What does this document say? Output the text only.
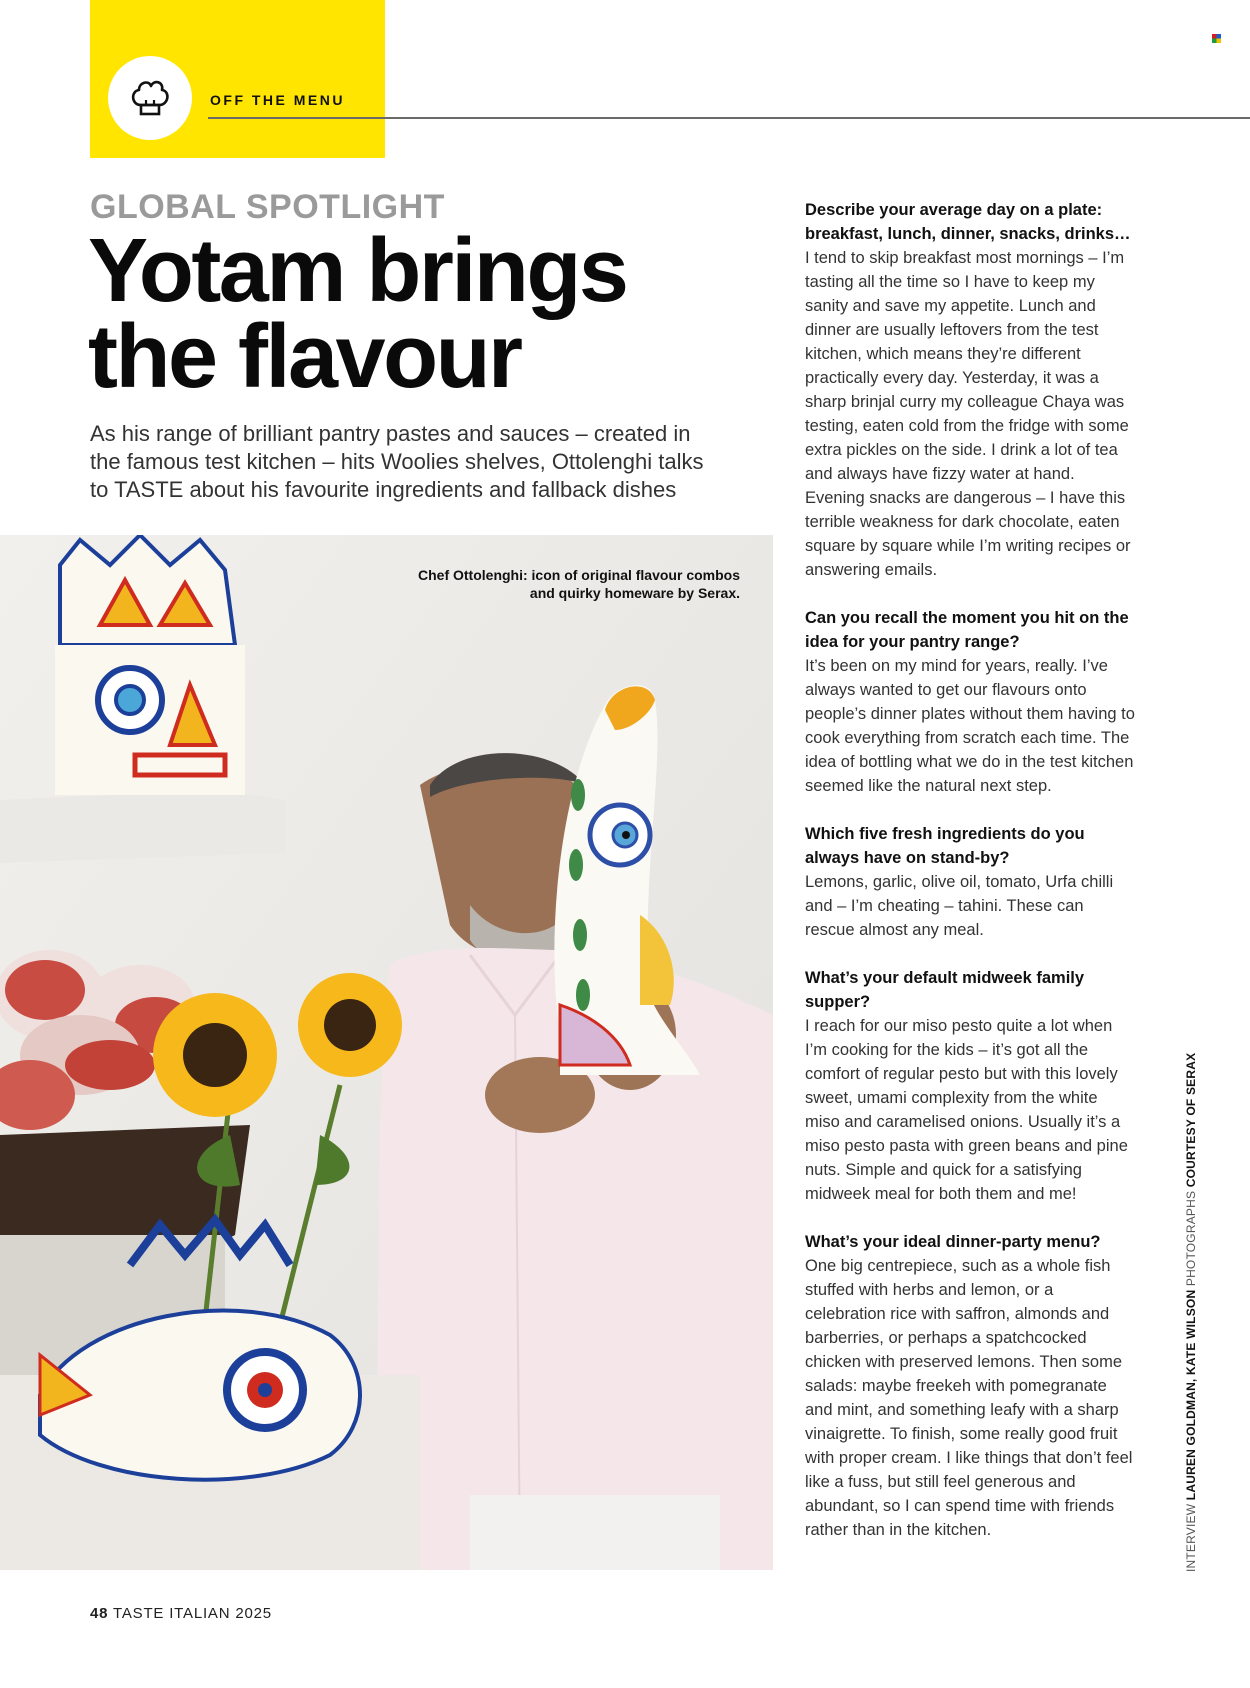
OFF THE MENU
GLOBAL SPOTLIGHT
Yotam brings
the flavour

As his range of brilliant pantry pastes and sauces – created in the famous test kitchen – hits Woolies shelves, Ottolenghi talks to TASTE about his favourite ingredients and fallback dishes

Chef Ottolenghi: icon of original flavour combos
and quirky homeware by Serax.

Describe your average day on a plate: breakfast, lunch, dinner, snacks, drinks…

I tend to skip breakfast most mornings – I’m tasting all the time so I have to keep my sanity and save my appetite. Lunch and dinner are usually leftovers from the test kitchen, which means they’re different practically every day. Yesterday, it was a sharp brinjal curry my colleague Chaya was testing, eaten cold from the fridge with some extra pickles on the side. I drink a lot of tea and always have fizzy water at hand. Evening snacks are dangerous – I have this terrible weakness for dark chocolate, eaten square by square while I’m writing recipes or answering emails.

Can you recall the moment you hit on the idea for your pantry range?

It’s been on my mind for years, really. I’ve always wanted to get our flavours onto people’s dinner plates without them having to cook everything from scratch each time. The idea of bottling what we do in the test kitchen seemed like the natural next step.

Which five fresh ingredients do you always have on stand-by?

Lemons, garlic, olive oil, tomato, Urfa chilli and – I’m cheating – tahini. These can rescue almost any meal.

What’s your default midweek family supper?

I reach for our miso pesto quite a lot when I’m cooking for the kids – it’s got all the comfort of regular pesto but with this lovely sweet, umami complexity from the white miso and caramelised onions. Usually it’s a miso pesto pasta with green beans and pine nuts. Simple and quick for a satisfying midweek meal for both them and me!

What’s your ideal dinner-party menu?

One big centrepiece, such as a whole fish stuffed with herbs and lemon, or a celebration rice with saffron, almonds and barberries, or perhaps a spatchcocked chicken with preserved lemons. Then some salads: maybe freekeh with pomegranate and mint, and something leafy with a sharp vinaigrette. To finish, some really good fruit with proper cream. I like things that don’t feel like a fuss, but still feel generous and abundant, so I can spend time with friends rather than in the kitchen.	INTERVIEW LAUREN GOLDMAN, KATE WILSON PHOTOGRAPHS COURTESY OF SERAX
48 TASTE ITALIAN 2025
